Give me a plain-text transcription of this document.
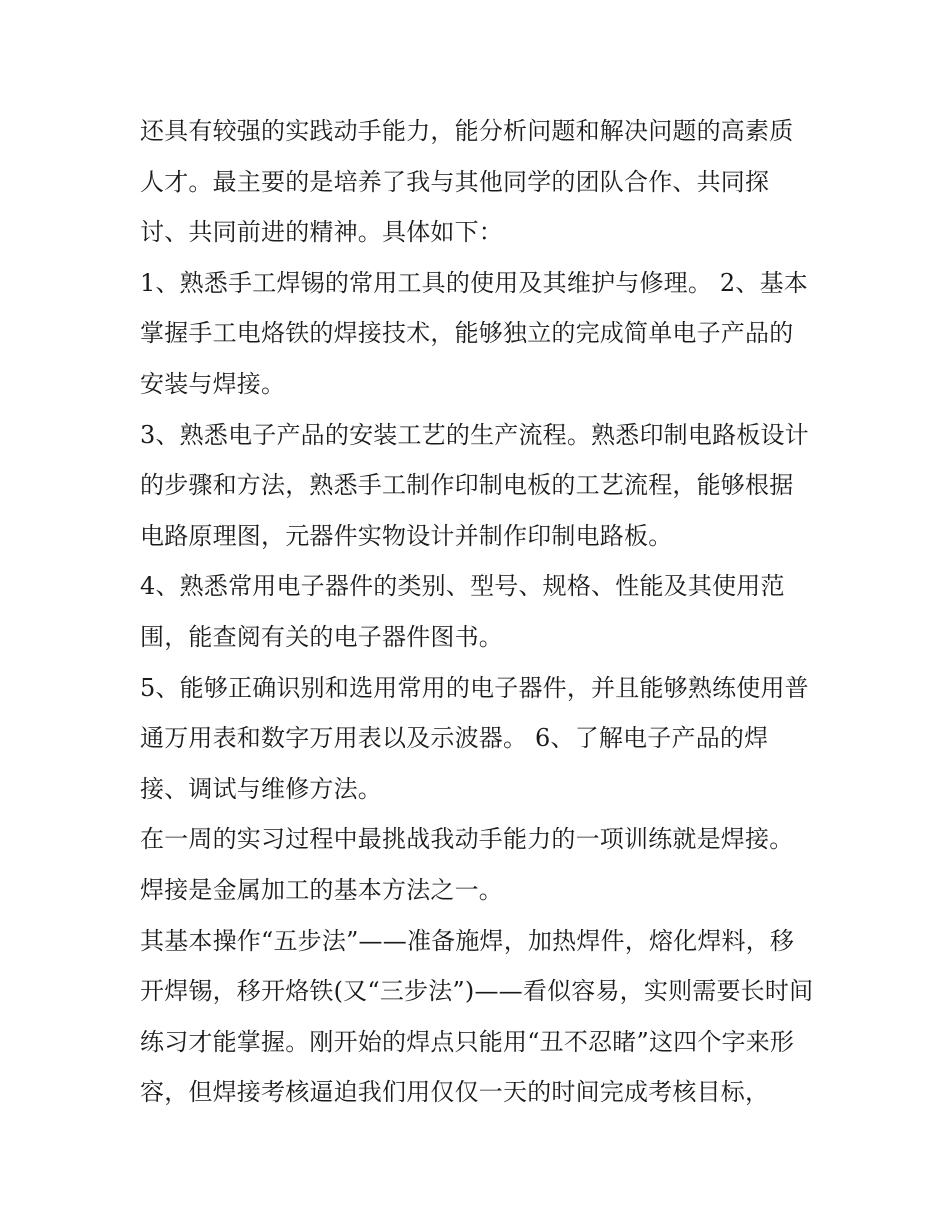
还具有较强的实践动手能力，能分析问题和解决问题的高素质人才。最主要的是培养了我与其他同学的团队合作、共同探讨、共同前进的精神。具体如下：

1、熟悉手工焊锡的常用工具的使用及其维护与修理。 2、基本掌握手工电烙铁的焊接技术，能够独立的完成简单电子产品的安装与焊接。

3、熟悉电子产品的安装工艺的生产流程。熟悉印制电路板设计的步骤和方法，熟悉手工制作印制电板的工艺流程，能够根据电路原理图，元器件实物设计并制作印制电路板。

4、熟悉常用电子器件的类别、型号、规格、性能及其使用范围，能查阅有关的电子器件图书。

5、能够正确识别和选用常用的电子器件，并且能够熟练使用普通万用表和数字万用表以及示波器。 6、了解电子产品的焊接、调试与维修方法。

在一周的实习过程中最挑战我动手能力的一项训练就是焊接。焊接是金属加工的基本方法之一。

其基本操作“五步法”——准备施焊，加热焊件，熔化焊料，移开焊锡，移开烙铁(又“三步法”)——看似容易，实则需要长时间练习才能掌握。刚开始的焊点只能用“丑不忍睹”这四个字来形容，但焊接考核逼迫我们用仅仅一天的时间完成考核目标，
